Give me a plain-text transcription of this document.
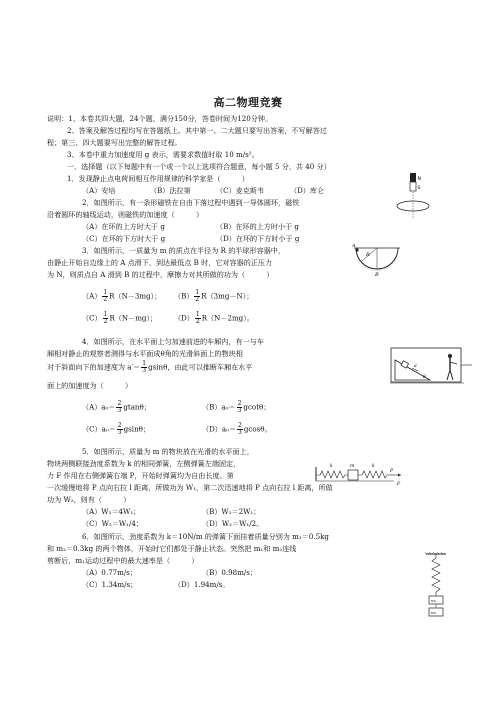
高二物理竞赛
说明：1、本卷共四大题，24个题，满分150分，答卷时间为120分钟。
2、答案及解答过程均写在答题纸上。其中第一、二大题只要写出答案，不写解答过
程；第三、四大题要写出完整的解答过程。
3、本卷中重力加速度用 g 表示，需要求数值时取 10 m/s²。
一．选择题（以下每题中有一个或一个以上选项符合题意，每小题 5 分，共 40 分）
1．发现静止点电荷间相互作用规律的科学家是（　　　）
（A）安培	（B）法拉第	（C）麦克斯韦	（D）库仑
2．如图所示，有一条形磁铁在自由下落过程中遇到一导体圆环，磁铁
沿着圆环的轴线运动，则磁铁的加速度（　　　）
（A）在环的上方时大于 g	（B）在环的上方时小于 g
（C）在环的下方时大于 g	（D）在环的下方时小于 g
N
S
3．如图所示，一质量为 m 的质点在半径为 R 的半球形容器中，
由静止开始自边缘上的 A 点滑下，到达最低点 B 时，它对容器的正压力
为 N，则质点自 A 滑到 B 的过程中，摩擦力对其所做的功为（　　　）
$(A) \frac{1}{2} R(N-3mg)$； $(B) \frac{1}{2} R(3mg-N)$；
$(C) \frac{1}{2} R(N-mg)$； $(D) \frac{1}{2} R(N-2mg)$。
A
R
B
4．如图所示，在水平面上匀加速前进的车厢内，有一与车
厢相对静止的观察者测得与水平面成θ角的光滑斜面上的物块相
对于斜面向下的加速度为 $a'= \frac{1}{3}$ gsinθ，由此可以推断车厢在水平
面上的加速度为（　　　）
$(A)a_0= \frac{2}{3}$ gtanθ；	$(B)a_0= \frac{2}{3}$ gcotθ；
$(C)a_0= \frac{2}{3}$ gsinθ；	$(D)a_0= \frac{2}{3}$ gcosθ。
a′
θ
5．如图所示，质量为 m 的物块放在光滑的水平面上，
物块两侧联接劲度系数为 k 的相同弹簧，左侧弹簧左端固定，
力 F 作用在右侧弹簧右端 P，开始时弹簧均为自由长度。第
一次缓慢地将 P 点向右拉 l 距离，所做功为 W₁，第二次迅速地将 P 点向右拉 l 距离，所做
功为 W₂，则有（　　　）
（A）W₂＝4W₁；	（B）W₂＝2W₁；
（C）W₂＝W₁/4；	（D）W₂＝W₁/2。
k	m	k
P
F
6．如图所示，劲度系数为 k＝10N/m 的弹簧下面挂着质量分别为 m₁＝0.5kg
和 m₂＝0.3kg 的两个物体，开始时它们都处于静止状态。突然把 m₁和 m₂连线
剪断后，m₁运动过程中的最大速率是（　　　）
（A）0.77m/s；	（B）0.98m/s；
（C）1.34m/s；	（D）1.94m/s。
m₁
m₂
